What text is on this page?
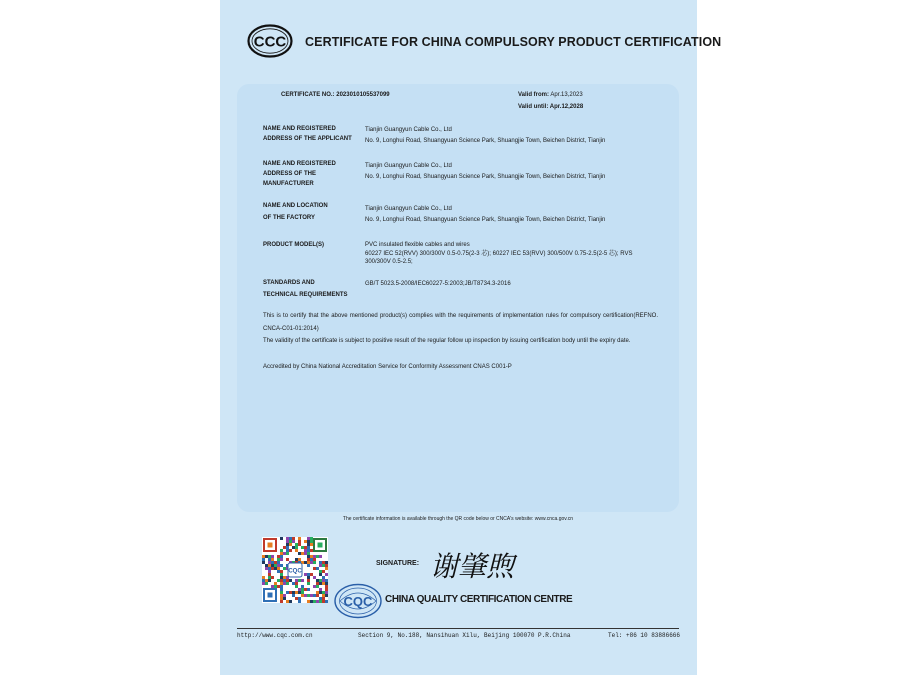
CCC CERTIFICATE FOR CHINA COMPULSORY PRODUCT CERTIFICATION
CERTIFICATE NO.: 2023010105537099	Valid from: Apr.13,2023
Valid until: Apr.12,2028
NAME AND REGISTERED
ADDRESS OF THE APPLICANT
Tianjin Guangyun Cable Co., Ltd
No. 9, Longhui Road, Shuangyuan Science Park, Shuangjie Town, Beichen District, Tianjin
NAME AND REGISTERED
ADDRESS OF THE
MANUFACTURER
Tianjin Guangyun Cable Co., Ltd
No. 9, Longhui Road, Shuangyuan Science Park, Shuangjie Town, Beichen District, Tianjin
NAME AND LOCATION
OF THE FACTORY
Tianjin Guangyun Cable Co., Ltd
No. 9, Longhui Road, Shuangyuan Science Park, Shuangjie Town, Beichen District, Tianjin
PRODUCT MODEL(S)	PVC insulated flexible cables and wires
60227 IEC 52(RVV) 300/300V 0.5-0.75(2-3 芯); 60227 IEC 53(RVV) 300/500V 0.75-2.5(2-5 芯); RVS
300/300V 0.5-2.5;
STANDARDS AND
TECHNICAL REQUIREMENTS
GB/T 5023.5-2008/IEC60227-5:2003;JB/T8734.3-2016
This is to certify that the above mentioned product(s) complies with the requirements of implementation rules for compulsory certification(REFNO. CNCA-C01-01:2014)
The validity of the certificate is subject to positive result of the regular follow up inspection by issuing certification body until the expiry date.
Accredited by China National Accreditation Service for Conformity Assessment CNAS C001-P
The certificate information is available through the QR code below or CNCA's website: www.cnca.gov.cn
CQC
SIGNATURE: 谢肇煦
CQC CHINA QUALITY CERTIFICATION CENTRE
http://www.cqc.com.cn	Section 9, No.188, Nansihuan Xilu, Beijing 100070 P.R.China	Tel: +86 10 83886666
